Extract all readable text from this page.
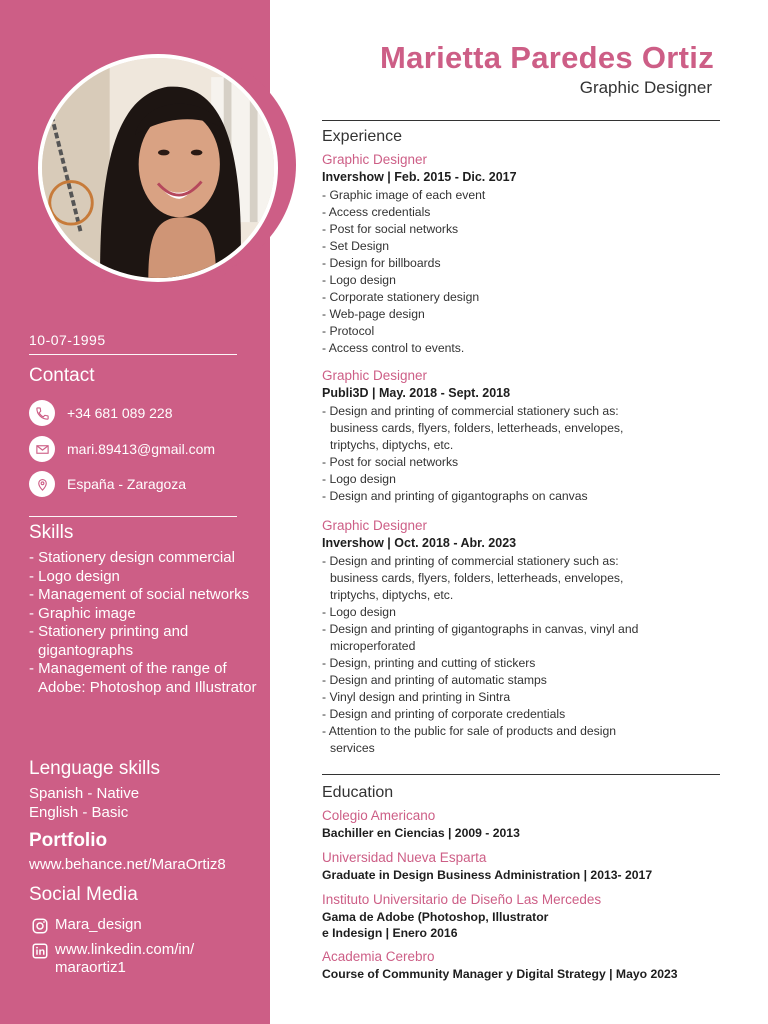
10-07-1995
Contact
+34 681 089 228
mari.89413@gmail.com
España - Zaragoza
Skills
- Stationery design commercial
- Logo design
- Management of social networks
- Graphic image
- Stationery printing and gigantographs
- Management of the range of Adobe: Photoshop and Illustrator
Lenguage skills
Spanish - Native
English - Basic
Portfolio
www.behance.net/MaraOrtiz8
Social Media
Mara_design
www.linkedin.com/in/ maraortiz1
Marietta Paredes Ortiz
Graphic Designer
Experience
Graphic Designer
Invershow | Feb. 2015 - Dic. 2017
- Graphic image of each event
- Access credentials
- Post for social networks
- Set Design
- Design for billboards
- Logo design
- Corporate stationery design
- Web-page design
- Protocol
- Access control to events.
Graphic Designer
Publi3D | May. 2018 - Sept. 2018
- Design and printing of commercial stationery such as: business cards, flyers, folders, letterheads, envelopes, triptychs, diptychs, etc.
- Post for social networks
- Logo design
- Design and printing of gigantographs on canvas
Graphic Designer
Invershow | Oct. 2018 - Abr. 2023
- Design and printing of commercial stationery such as: business cards, flyers, folders, letterheads, envelopes, triptychs, diptychs, etc.
- Logo design
- Design and printing of gigantographs in canvas, vinyl and microperforated
- Design, printing and cutting of stickers
- Design and printing of automatic stamps
- Vinyl design and printing in Sintra
- Design and printing of corporate credentials
- Attention to the public for sale of products and design services
Education
Colegio Americano
Bachiller en Ciencias | 2009 - 2013
Universidad Nueva Esparta
Graduate in Design Business Administration | 2013- 2017
Instituto Universitario de Diseño Las Mercedes
Gama de Adobe (Photoshop, Illustrator
e Indesign | Enero 2016
Academia Cerebro
Course of Community Manager y Digital Strategy | Mayo 2023
